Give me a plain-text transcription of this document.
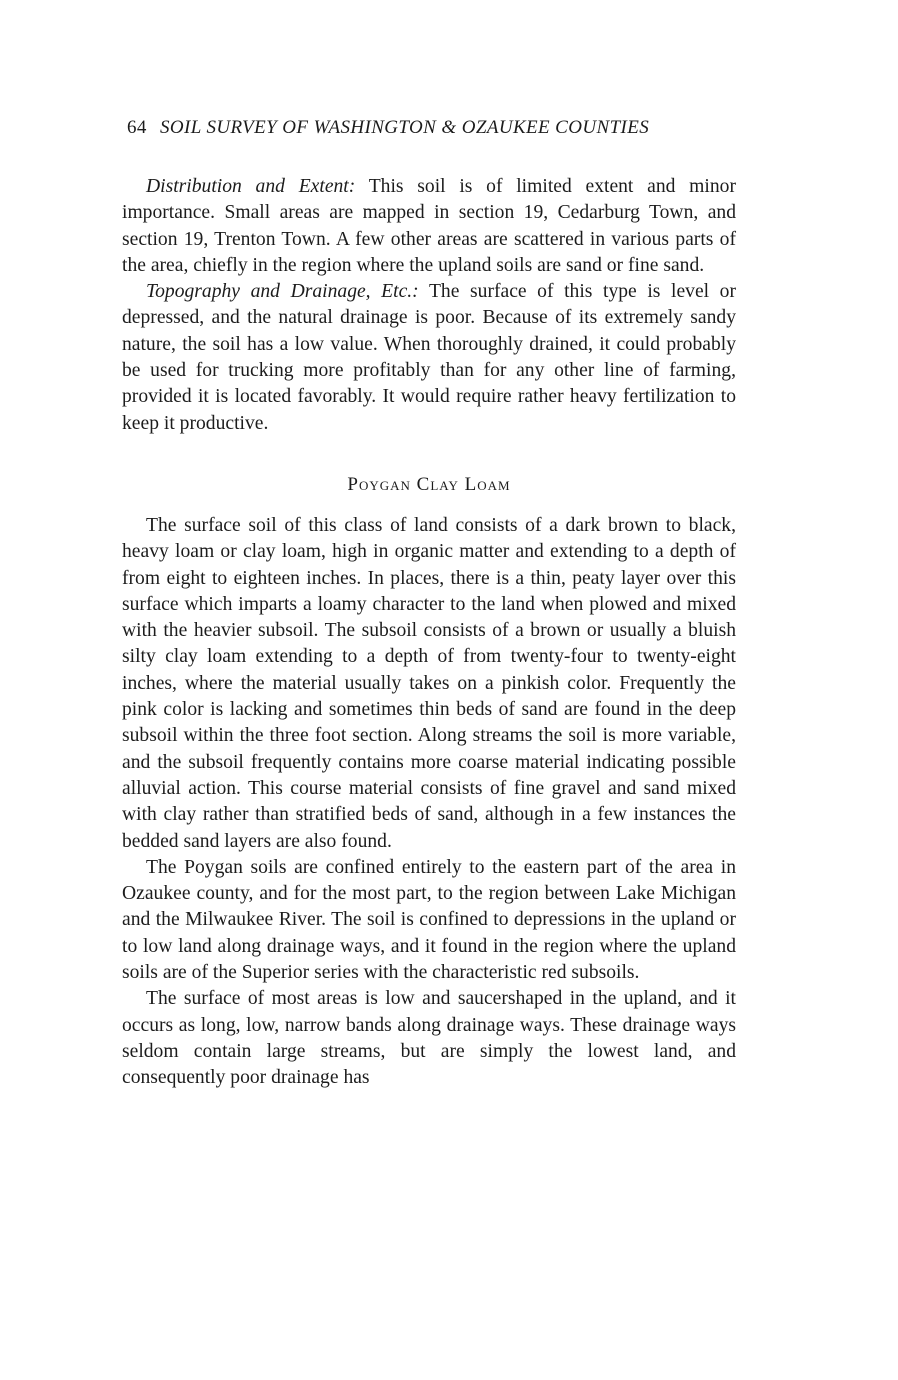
64 SOIL SURVEY OF WASHINGTON & OZAUKEE COUNTIES

Distribution and Extent: This soil is of limited extent and minor importance. Small areas are mapped in section 19, Cedarburg Town, and section 19, Trenton Town. A few other areas are scattered in various parts of the area, chiefly in the region where the upland soils are sand or fine sand.

Topography and Drainage, Etc.: The surface of this type is level or depressed, and the natural drainage is poor. Because of its extremely sandy nature, the soil has a low value. When thoroughly drained, it could probably be used for trucking more profitably than for any other line of farming, provided it is located favorably. It would require rather heavy fertilization to keep it productive.

Poygan Clay Loam

The surface soil of this class of land consists of a dark brown to black, heavy loam or clay loam, high in organic matter and extending to a depth of from eight to eighteen inches. In places, there is a thin, peaty layer over this surface which imparts a loamy character to the land when plowed and mixed with the heavier subsoil. The subsoil consists of a brown or usually a bluish silty clay loam extending to a depth of from twenty-four to twenty-eight inches, where the material usually takes on a pinkish color. Frequently the pink color is lacking and sometimes thin beds of sand are found in the deep subsoil within the three foot section. Along streams the soil is more variable, and the subsoil frequently contains more coarse material indicating possible alluvial action. This course material consists of fine gravel and sand mixed with clay rather than stratified beds of sand, although in a few instances the bedded sand layers are also found.

The Poygan soils are confined entirely to the eastern part of the area in Ozaukee county, and for the most part, to the region between Lake Michigan and the Milwaukee River. The soil is confined to depressions in the upland or to low land along drainage ways, and it found in the region where the upland soils are of the Superior series with the characteristic red subsoils.

The surface of most areas is low and saucershaped in the upland, and it occurs as long, low, narrow bands along drainage ways. These drainage ways seldom contain large streams, but are simply the lowest land, and consequently poor drainage has
